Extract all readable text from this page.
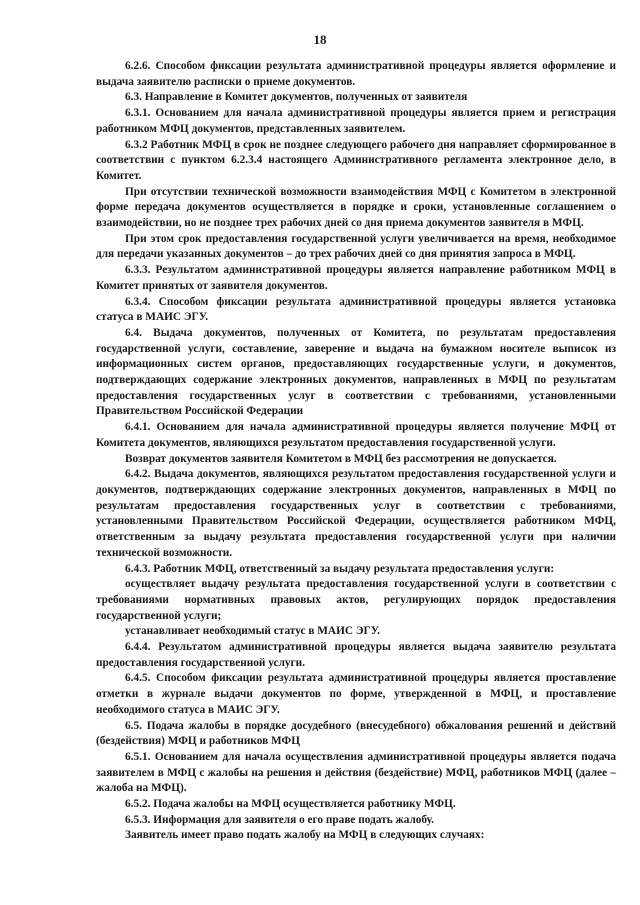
18

6.2.6. Способом фиксации результата административной процедуры является оформление и выдача заявителю расписки о приеме документов.

6.3. Направление в Комитет документов, полученных от заявителя

6.3.1. Основанием для начала административной процедуры является прием и регистрация работником МФЦ документов, представленных заявителем.

6.3.2 Работник МФЦ в срок не позднее следующего рабочего дня направляет сформированное в соответствии с пунктом 6.2.3.4 настоящего Административного регламента электронное дело, в Комитет.

При отсутствии технической возможности взаимодействия МФЦ с Комитетом в электронной форме передача документов осуществляется в порядке и сроки, установленные соглашением о взаимодействии, но не позднее трех рабочих дней со дня приема документов заявителя в МФЦ.

При этом срок предоставления государственной услуги увеличивается на время, необходимое для передачи указанных документов – до трех рабочих дней со дня принятия запроса в МФЦ.

6.3.3. Результатом административной процедуры является направление работником МФЦ в Комитет принятых от заявителя документов.

6.3.4. Способом фиксации результата административной процедуры является установка статуса в МАИС ЭГУ.

6.4. Выдача документов, полученных от Комитета, по результатам предоставления государственной услуги, составление, заверение и выдача на бумажном носителе выписок из информационных систем органов, предоставляющих государственные услуги, и документов, подтверждающих содержание электронных документов, направленных в МФЦ по результатам предоставления государственных услуг в соответствии с требованиями, установленными Правительством Российской Федерации

6.4.1. Основанием для начала административной процедуры является получение МФЦ от Комитета документов, являющихся результатом предоставления государственной услуги.

Возврат документов заявителя Комитетом в МФЦ без рассмотрения не допускается.

6.4.2. Выдача документов, являющихся результатом предоставления государственной услуги и документов, подтверждающих содержание электронных документов, направленных в МФЦ по результатам предоставления государственных услуг в соответствии с требованиями, установленными Правительством Российской Федерации, осуществляется работником МФЦ, ответственным за выдачу результата предоставления государственной услуги при наличии технической возможности.

6.4.3. Работник МФЦ, ответственный за выдачу результата предоставления услуги:

осуществляет выдачу результата предоставления государственной услуги в соответствии с требованиями нормативных правовых актов, регулирующих порядок предоставления государственной услуги;

устанавливает необходимый статус в МАИС ЭГУ.

6.4.4. Результатом административной процедуры является выдача заявителю результата предоставления государственной услуги.

6.4.5. Способом фиксации результата административной процедуры является проставление отметки в журнале выдачи документов по форме, утвержденной в МФЦ, и проставление необходимого статуса в МАИС ЭГУ.

6.5. Подача жалобы в порядке досудебного (внесудебного) обжалования решений и действий (бездействия) МФЦ и работников МФЦ

6.5.1. Основанием для начала осуществления административной процедуры является подача заявителем в МФЦ с жалобы на решения и действия (бездействие) МФЦ, работников МФЦ (далее – жалоба на МФЦ).

6.5.2. Подача жалобы на МФЦ осуществляется работнику МФЦ.

6.5.3. Информация для заявителя о его праве подать жалобу.

Заявитель имеет право подать жалобу на МФЦ в следующих случаях:
